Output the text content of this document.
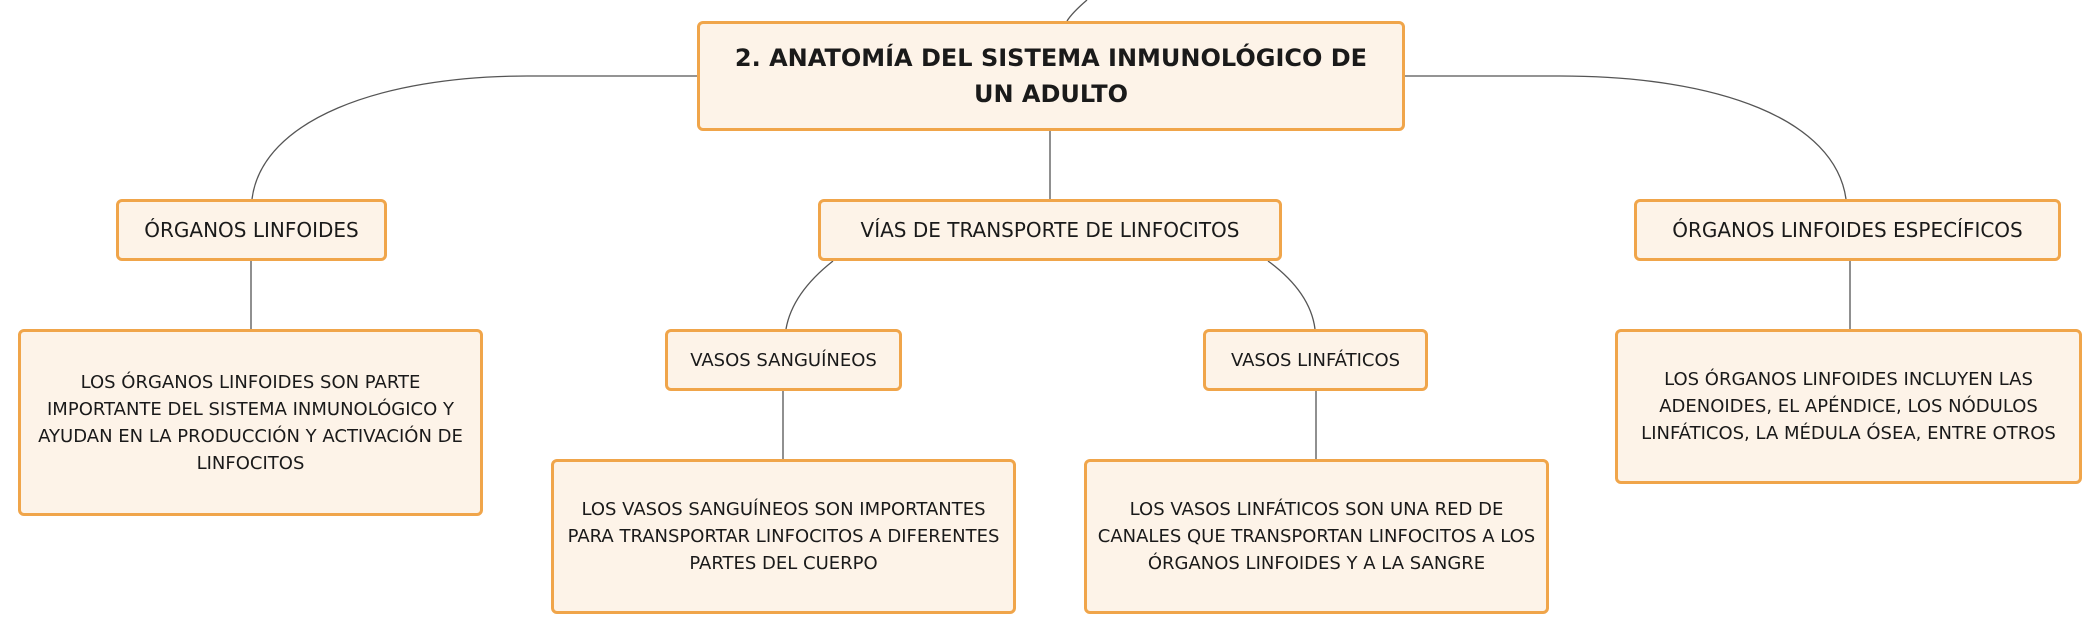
2. ANATOMÍA DEL SISTEMA INMUNOLÓGICO DE UN ADULTO
ÓRGANOS LINFOIDES	VÍAS DE TRANSPORTE DE LINFOCITOS	ÓRGANOS LINFOIDES ESPECÍFICOS
LOS ÓRGANOS LINFOIDES SON PARTE IMPORTANTE DEL SISTEMA INMUNOLÓGICO Y AYUDAN EN LA PRODUCCIÓN Y ACTIVACIÓN DE LINFOCITOS
VASOS SANGUÍNEOS	VASOS LINFÁTICOS
LOS ÓRGANOS LINFOIDES INCLUYEN LAS ADENOIDES, EL APÉNDICE, LOS NÓDULOS LINFÁTICOS, LA MÉDULA ÓSEA, ENTRE OTROS
LOS VASOS SANGUÍNEOS SON IMPORTANTES PARA TRANSPORTAR LINFOCITOS A DIFERENTES PARTES DEL CUERPO
LOS VASOS LINFÁTICOS SON UNA RED DE CANALES QUE TRANSPORTAN LINFOCITOS A LOS ÓRGANOS LINFOIDES Y A LA SANGRE
